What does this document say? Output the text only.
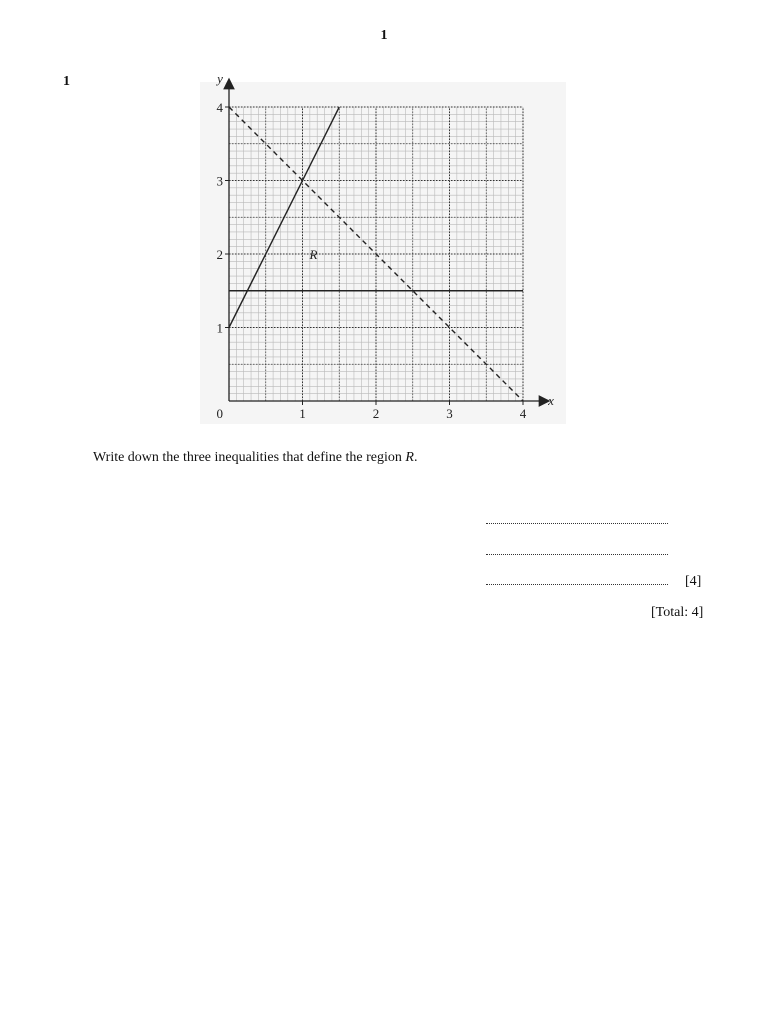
1
1
1	2	3	4
1
2
3
4
0
x
y
R
Write down the three inequalities that define the region R.
[4]
[Total: 4]
